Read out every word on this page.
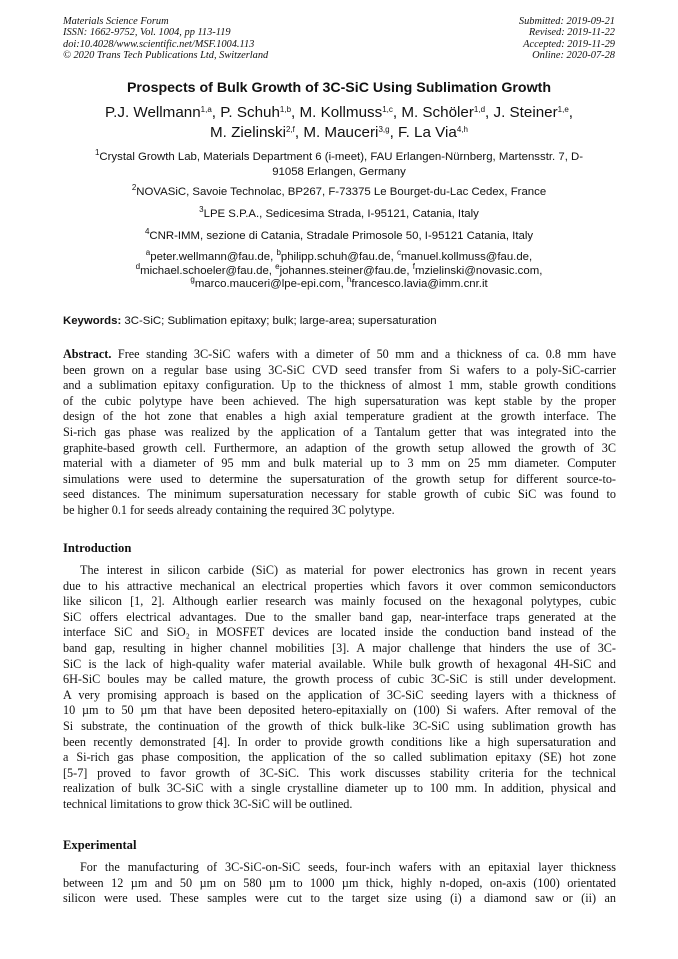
Materials Science Forum
ISSN: 1662-9752, Vol. 1004, pp 113-119
doi:10.4028/www.scientific.net/MSF.1004.113
© 2020 Trans Tech Publications Ltd, Switzerland
Submitted: 2019-09-21
Revised: 2019-11-22
Accepted: 2019-11-29
Online: 2020-07-28
Prospects of Bulk Growth of 3C-SiC Using Sublimation Growth
P.J. Wellmann$^{1,a}$, P. Schuh$^{1,b}$, M. Kollmuss$^{1,c}$, M. Schöler$^{1,d}$, J. Steiner$^{1,e}$,
M. Zielinski$^{2,f}$, M. Mauceri$^{3,g}$, F. La Via$^{4,h}$
$^1$Crystal Growth Lab, Materials Department 6 (i-meet), FAU Erlangen-Nürnberg, Martensstr. 7, D-
91058 Erlangen, Germany
$^2$NOVASiC, Savoie Technolac, BP267, F-73375 Le Bourget-du-Lac Cedex, France
$^3$LPE S.P.A., Sedicesima Strada, I-95121, Catania, Italy
$^4$CNR-IMM, sezione di Catania, Stradale Primosole 50, I-95121 Catania, Italy
$^a$peter.wellmann@fau.de, $^b$philipp.schuh@fau.de, $^c$manuel.kollmuss@fau.de,
$^d$michael.schoeler@fau.de, $^e$johannes.steiner@fau.de, $^f$mzielinski@novasic.com,
$^g$marco.mauceri@lpe-epi.com, $^h$francesco.lavia@imm.cnr.it
Keywords: 3C-SiC; Sublimation epitaxy; bulk; large-area; supersaturation
Abstract. Free standing 3C-SiC wafers with a dimeter of 50 mm and a thickness of ca. 0.8 mm have
been grown on a regular base using 3C-SiC CVD seed transfer from Si wafers to a poly-SiC-carrier
and a sublimation epitaxy configuration. Up to the thickness of almost 1 mm, stable growth conditions
of the cubic polytype have been achieved. The high supersaturation was kept stable by the proper
design of the hot zone that enables a high axial temperature gradient at the growth interface. The
Si-rich gas phase was realized by the application of a Tantalum getter that was integrated into the
graphite-based growth cell. Furthermore, an adaption of the growth setup allowed the growth of 3C
material with a diameter of 95 mm and bulk material up to 3 mm on 25 mm diameter. Computer
simulations were used to determine the supersaturation of the growth setup for different source-to-
seed distances. The minimum supersaturation necessary for stable growth of cubic SiC was found to
be higher 0.1 for seeds already containing the required 3C polytype.
Introduction
The interest in silicon carbide (SiC) as material for power electronics has grown in recent years
due to his attractive mechanical an electrical properties which favors it over common semiconductors
like silicon [1, 2]. Although earlier research was mainly focused on the hexagonal polytypes, cubic
SiC offers electrical advantages. Due to the smaller band gap, near-interface traps generated at the
interface SiC and SiO₂ in MOSFET devices are located inside the conduction band instead of the
band gap, resulting in higher channel mobilities [3]. A major challenge that hinders the use of 3C-
SiC is the lack of high-quality wafer material available. While bulk growth of hexagonal 4H-SiC and
6H-SiC boules may be called mature, the growth process of cubic 3C-SiC is still under development.
A very promising approach is based on the application of 3C-SiC seeding layers with a thickness of
10 µm to 50 µm that have been deposited hetero-epitaxially on (100) Si wafers. After removal of the
Si substrate, the continuation of the growth of thick bulk-like 3C-SiC using sublimation growth has
been recently demonstrated [4]. In order to provide growth conditions like a high supersaturation and
a Si-rich gas phase composition, the application of the so called sublimation epitaxy (SE) hot zone
[5-7] proved to favor growth of 3C-SiC. This work discusses stability criteria for the technical
realization of bulk 3C-SiC with a single crystalline diameter up to 100 mm. In addition, physical and
technical limitations to grow thick 3C-SiC will be outlined.
Experimental
For the manufacturing of 3C-SiC-on-SiC seeds, four-inch wafers with an epitaxial layer thickness
between 12 µm and 50 µm on 580 µm to 1000 µm thick, highly n-doped, on-axis (100) orientated
silicon were used. These samples were cut to the target size using (i) a diamond saw or (ii) an
